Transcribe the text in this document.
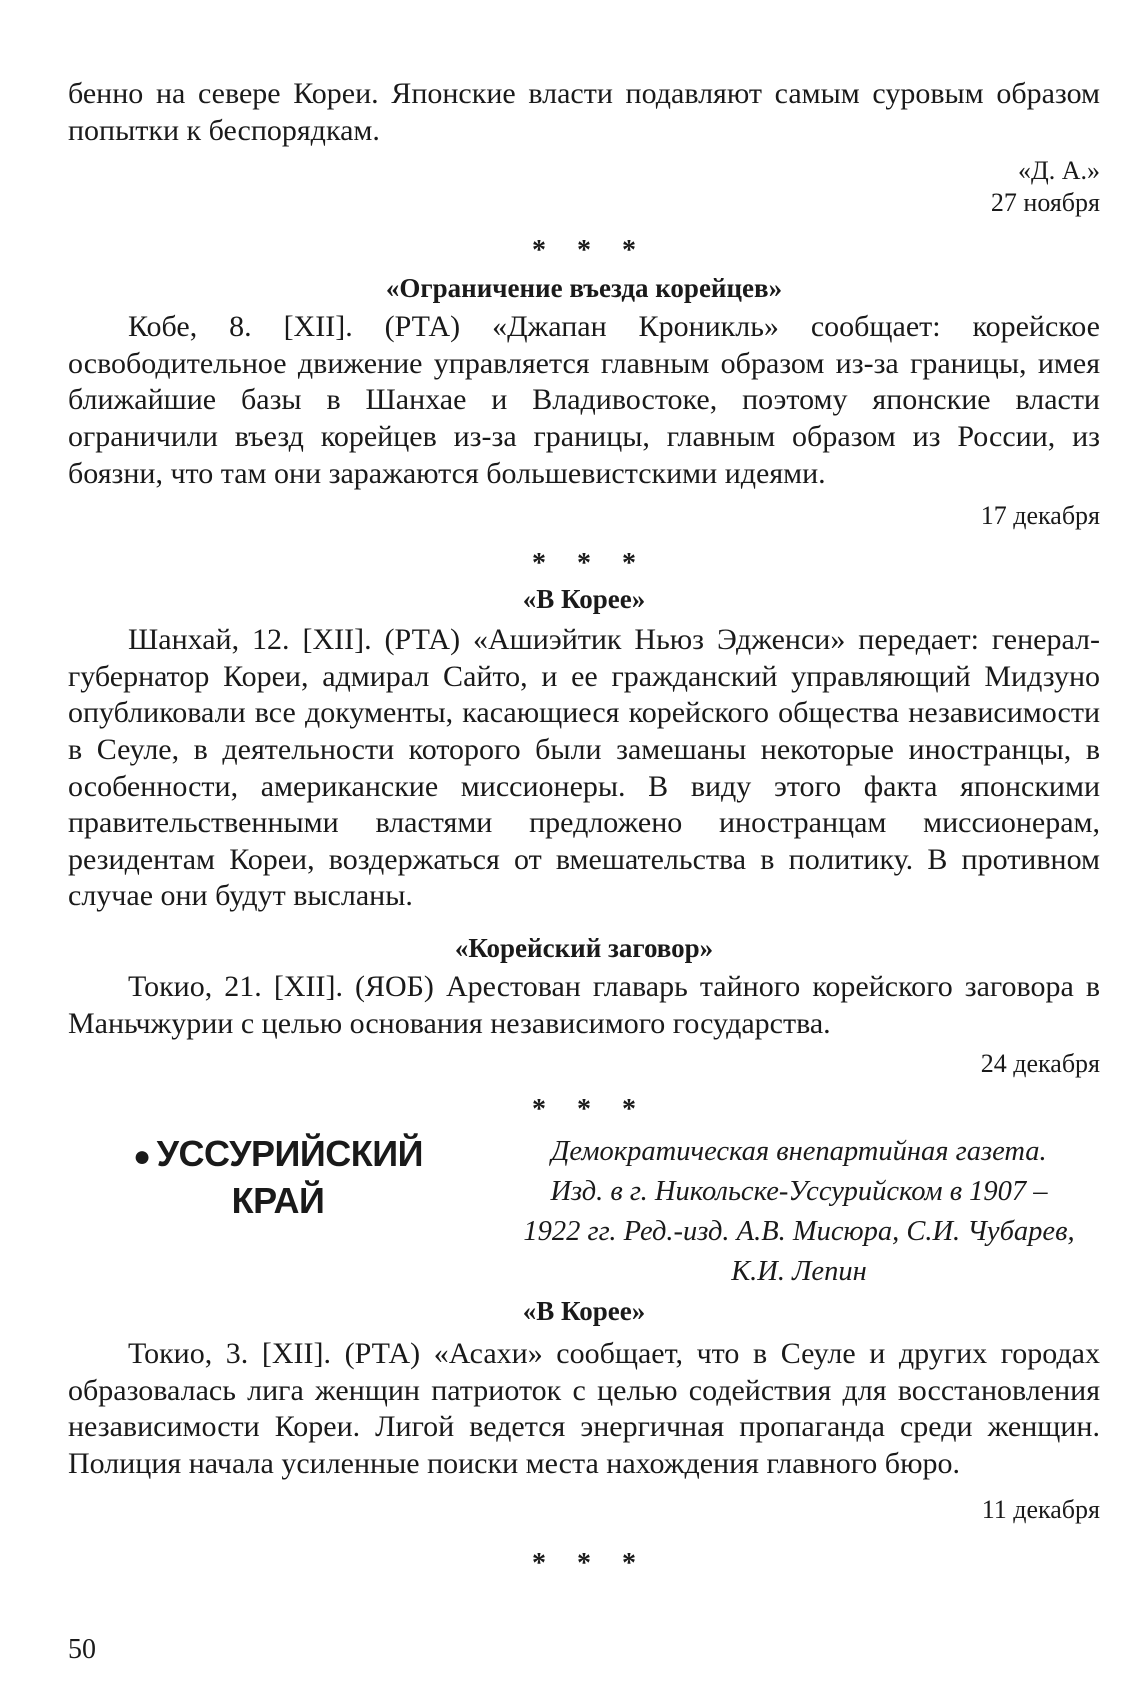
бенно на севере Кореи. Японские власти подавляют самым суровым образом попытки к беспорядкам.

«Д. А.»

27 ноября

* * *

«Ограничение въезда корейцев»

Кобе, 8. [XII]. (РТА) «Джапан Кроникль» сообщает: корейское освободительное движение управляется главным образом из-за границы, имея ближайшие базы в Шанхае и Владивостоке, поэтому японские власти ограничили въезд корейцев из-за границы, главным образом из России, из боязни, что там они заражаются большевистскими идеями.

17 декабря

* * *

«В Корее»

Шанхай, 12. [XII]. (РТА) «Ашиэйтик Ньюз Эдженси» передает: генерал-губернатор Кореи, адмирал Сайто, и ее гражданский управляющий Мидзуно опубликовали все документы, касающиеся корейского общества независимости в Сеуле, в деятельности которого были замешаны некоторые иностранцы, в особенности, американские миссионеры. В виду этого факта японскими правительственными властями предложено иностранцам миссионерам, резидентам Кореи, воздержаться от вмешательства в политику. В противном случае они будут высланы.

«Корейский заговор»

Токио, 21. [XII]. (ЯОБ) Арестован главарь тайного корейского заговора в Маньчжурии с целью основания независимого государства.

24 декабря

* * *

● УССУРИЙСКИЙ
КРАЙ
Демократическая внепартийная газета.
Изд. в г. Никольске-Уссурийском в 1907 –
1922 гг. Ред.-изд. А.В. Мисюра, С.И. Чубарев,
К.И. Лепин

«В Корее»

Токио, 3. [XII]. (РТА) «Асахи» сообщает, что в Сеуле и других городах образовалась лига женщин патриоток с целью содействия для восстановления независимости Кореи. Лигой ведется энергичная пропаганда среди женщин. Полиция начала усиленные поиски места нахождения главного бюро.

11 декабря

* * *

50
